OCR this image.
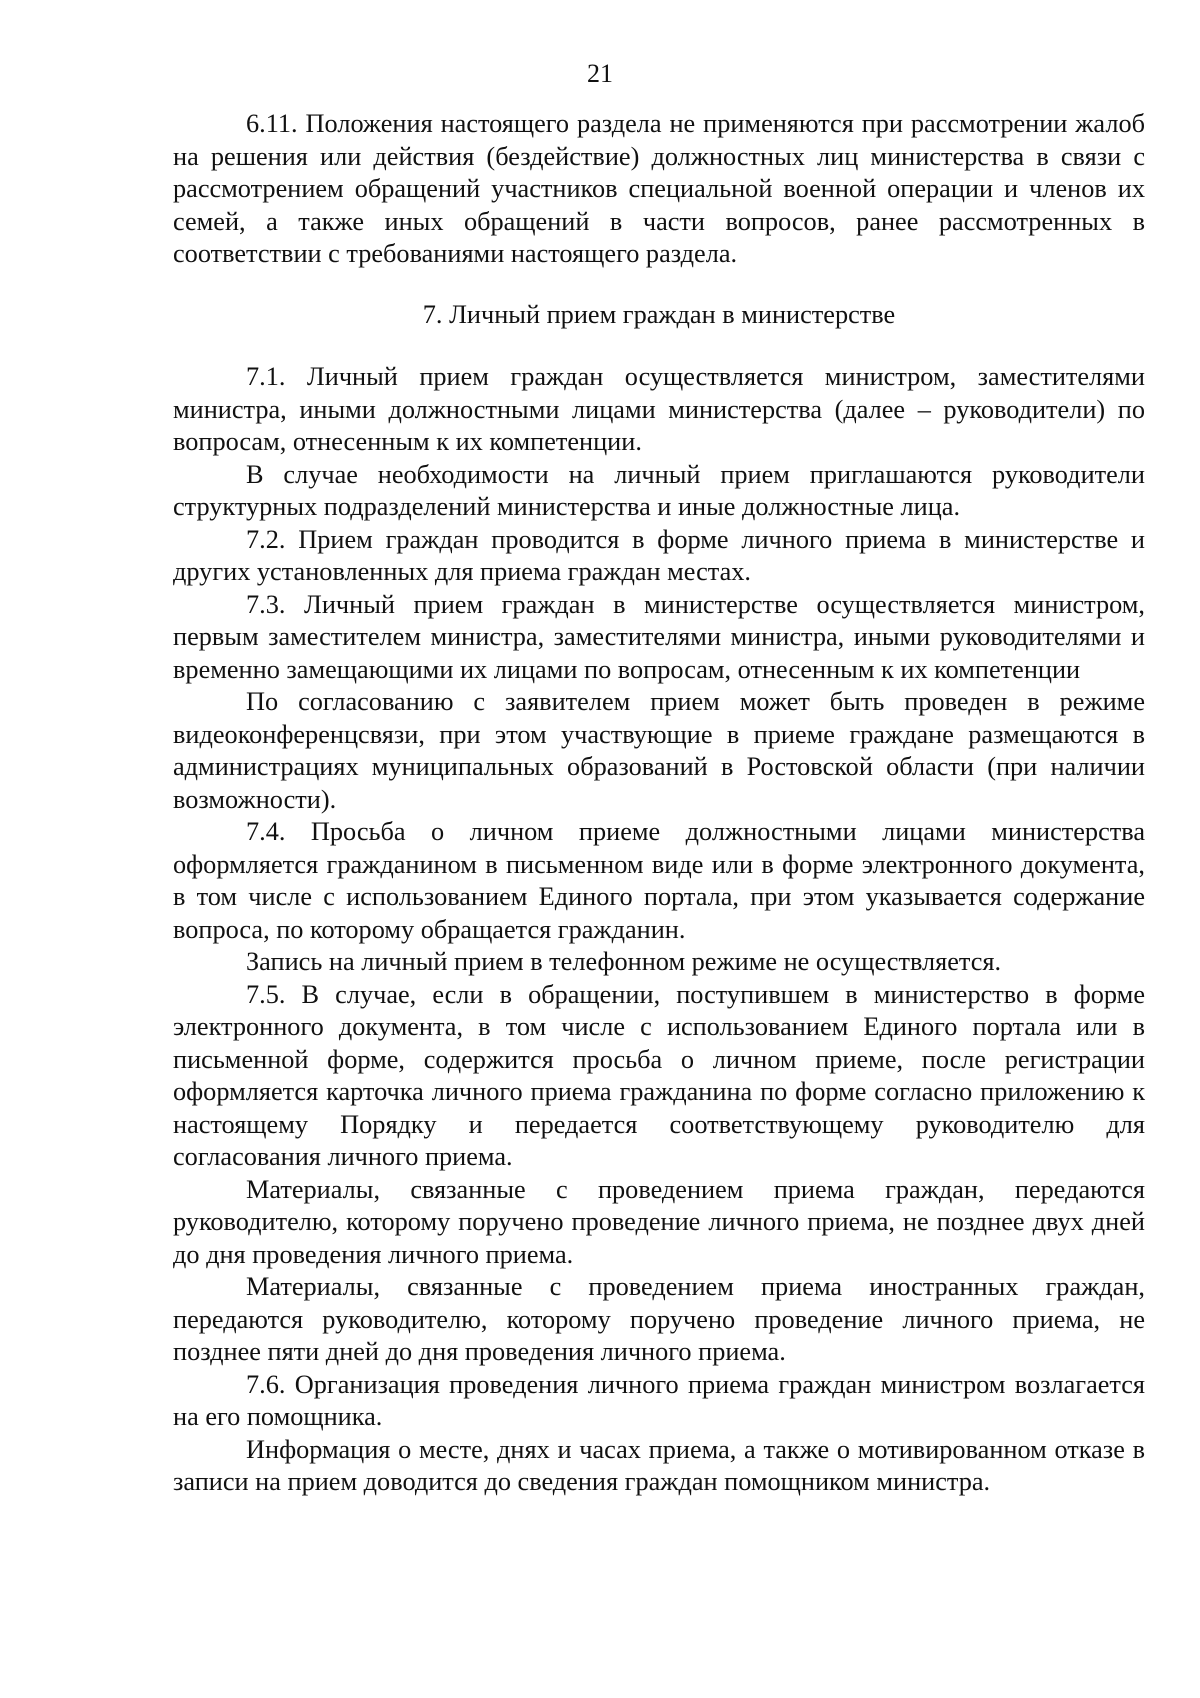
21

6.11. Положения настоящего раздела не применяются при рассмотрении жалоб на решения или действия (бездействие) должностных лиц министерства в связи с рассмотрением обращений участников специальной военной операции и членов их семей, а также иных обращений в части вопросов, ранее рассмотренных в соответствии с требованиями настоящего раздела.

7. Личный прием граждан в министерстве

7.1. Личный прием граждан осуществляется министром, заместителями министра, иными должностными лицами министерства (далее – руководители) по вопросам, отнесенным к их компетенции.

В случае необходимости на личный прием приглашаются руководители структурных подразделений министерства и иные должностные лица.

7.2. Прием граждан проводится в форме личного приема в министерстве и других установленных для приема граждан местах.

7.3. Личный прием граждан в министерстве осуществляется министром, первым заместителем министра, заместителями министра, иными руководителями и временно замещающими их лицами по вопросам, отнесенным к их компетенции

По согласованию с заявителем прием может быть проведен в режиме видеоконференцсвязи, при этом участвующие в приеме граждане размещаются в администрациях муниципальных образований в Ростовской области (при наличии возможности).

7.4. Просьба о личном приеме должностными лицами министерства оформляется гражданином в письменном виде или в форме электронного документа, в том числе с использованием Единого портала, при этом указывается содержание вопроса, по которому обращается гражданин.

Запись на личный прием в телефонном режиме не осуществляется.

7.5. В случае, если в обращении, поступившем в министерство в форме электронного документа, в том числе с использованием Единого портала или в письменной форме, содержится просьба о личном приеме, после регистрации оформляется карточка личного приема гражданина по форме согласно приложению к настоящему Порядку и передается соответствующему руководителю для согласования личного приема.

Материалы, связанные с проведением приема граждан, передаются руководителю, которому поручено проведение личного приема, не позднее двух дней до дня проведения личного приема.

Материалы, связанные с проведением приема иностранных граждан, передаются руководителю, которому поручено проведение личного приема, не позднее пяти дней до дня проведения личного приема.

7.6. Организация проведения личного приема граждан министром возлагается на его помощника.

Информация о месте, днях и часах приема, а также о мотивированном отказе в записи на прием доводится до сведения граждан помощником министра.
